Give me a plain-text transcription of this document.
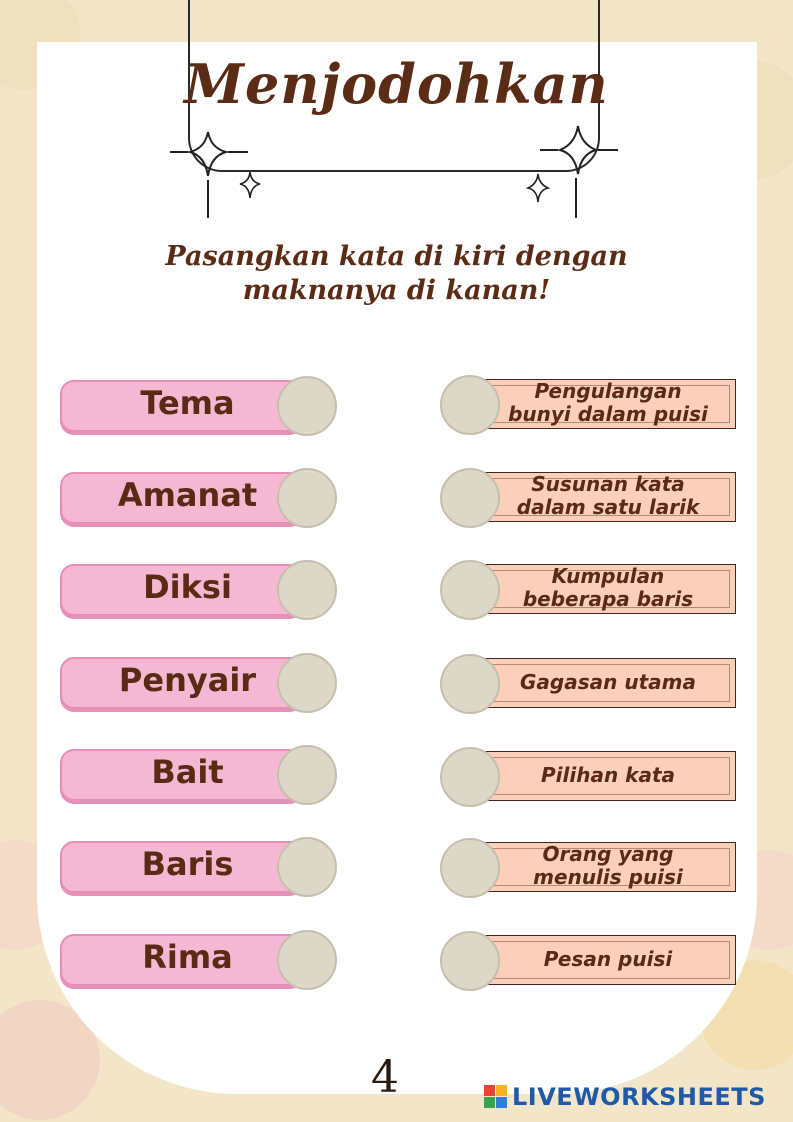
Menjodohkan
Pasangkan kata di kiri dengan
maknanya di kanan!
Tema
Amanat
Diksi
Penyair
Bait
Baris
Rima
Pengulangan
bunyi dalam puisi
Susunan kata
dalam satu larik
Kumpulan
beberapa baris
Gagasan utama
Pilihan kata
Orang yang
menulis puisi
Pesan puisi
4	LIVEWORKSHEETS
